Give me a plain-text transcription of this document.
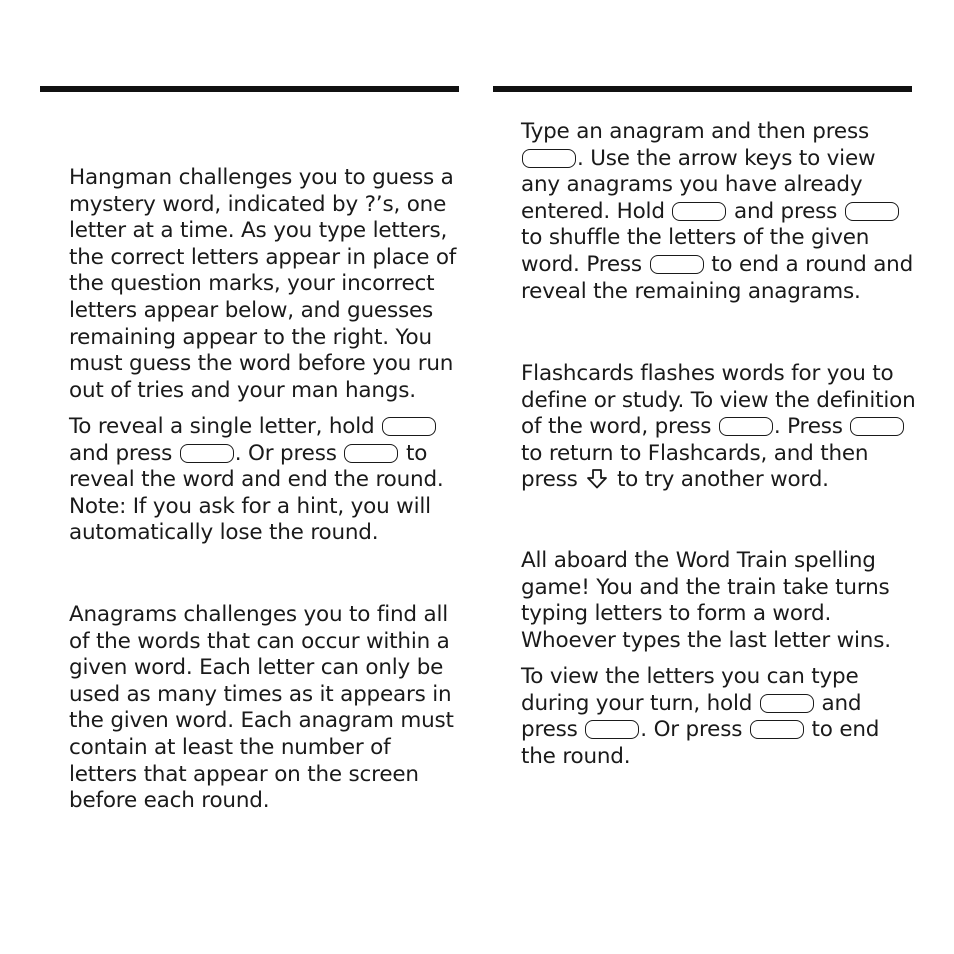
Hangman challenges you to guess a mystery word, indicated by ?’s, one letter at a time. As you type letters, the correct letters appear in place of the question marks, your incorrect letters appear below, and guesses remaining appear to the right. You must guess the word before you run out of tries and your man hangs.

To reveal a single letter, hold  and press	. Or press	to reveal the word and end the round. Note: If you ask for a hint, you will automatically lose the round.

Anagrams challenges you to find all of the words that can occur within a given word. Each letter can only be used as many times as it appears in the given word. Each anagram must contain at least the number of letters that appear on the screen before each round.

Type an anagram and then press . Use the arrow keys to view any anagrams you have already entered. Hold	and press  to shuffle the letters of the given word. Press	to end a round and reveal the remaining anagrams.

Flashcards flashes words for you to define or study. To view the definition of the word, press	. Press  to return to Flashcards, and then press to try another word.

All aboard the Word Train spelling game! You and the train take turns typing letters to form a word. Whoever types the last letter wins.

To view the letters you can type during your turn, hold	and press	. Or press	to end the round.
